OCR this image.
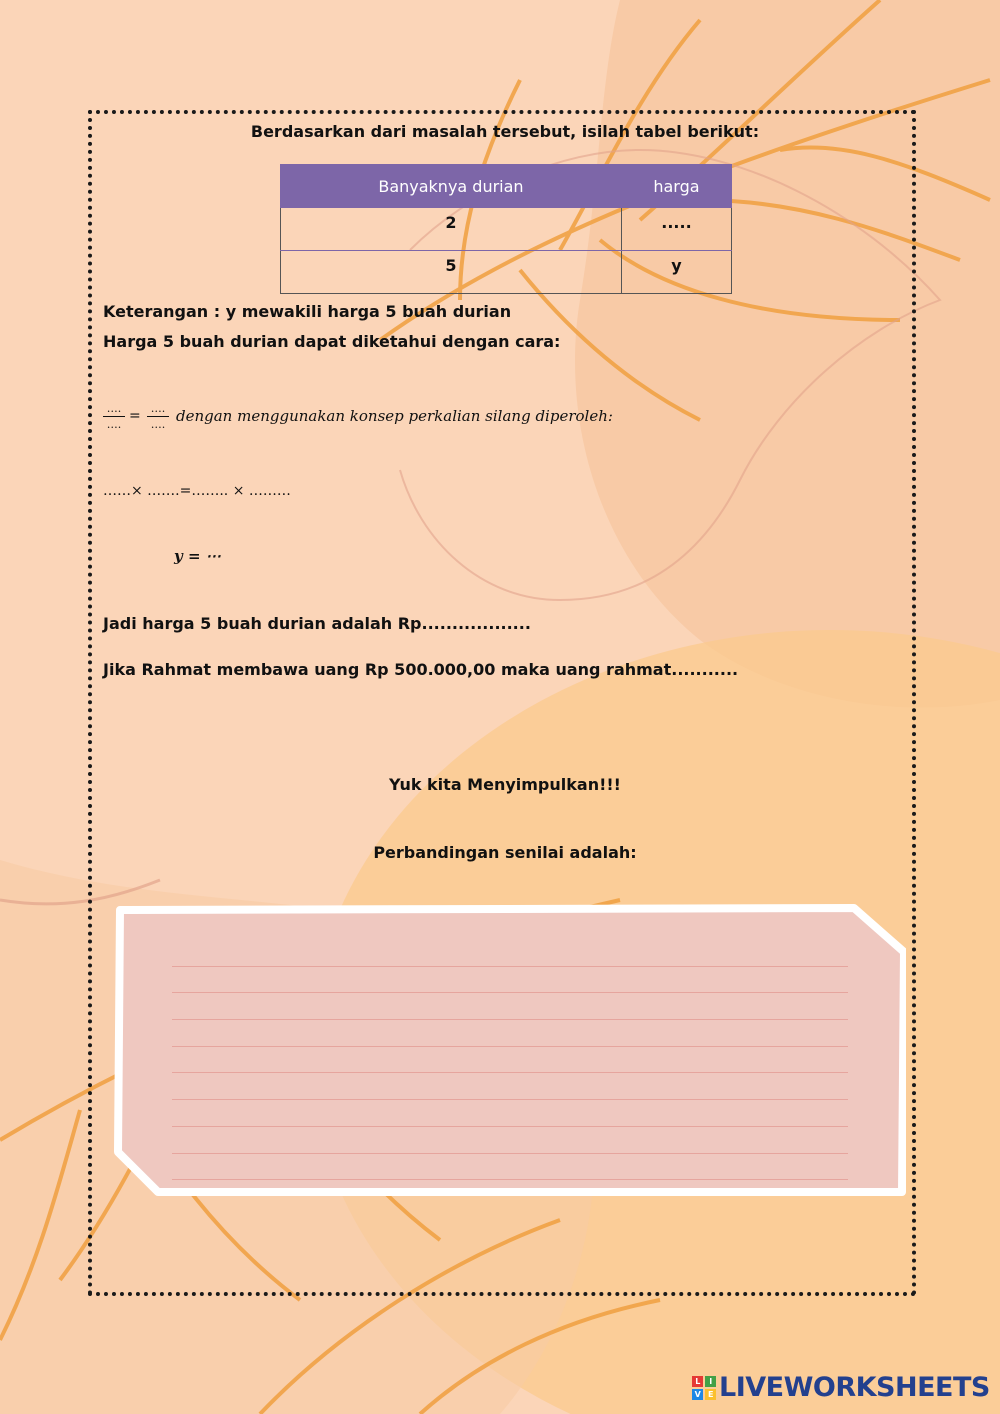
Berdasarkan dari masalah tersebut, isilah tabel berikut:
Banyaknya durian	harga
2	.....
5	y
Keterangan : y mewakili harga 5 buah durian
Harga 5 buah durian dapat diketahui dengan cara:
….
….
= ….
…. dengan menggunakan konsep perkalian silang diperoleh:
……× …….=…….. × ………
y = ⋯
Jadi harga 5 buah durian adalah Rp..................
Jika Rahmat membawa uang Rp 500.000,00 maka uang rahmat...........
Yuk kita Menyimpulkan!!!
Perbandingan senilai adalah:
L	I
V E LIVEWORKSHEETS
